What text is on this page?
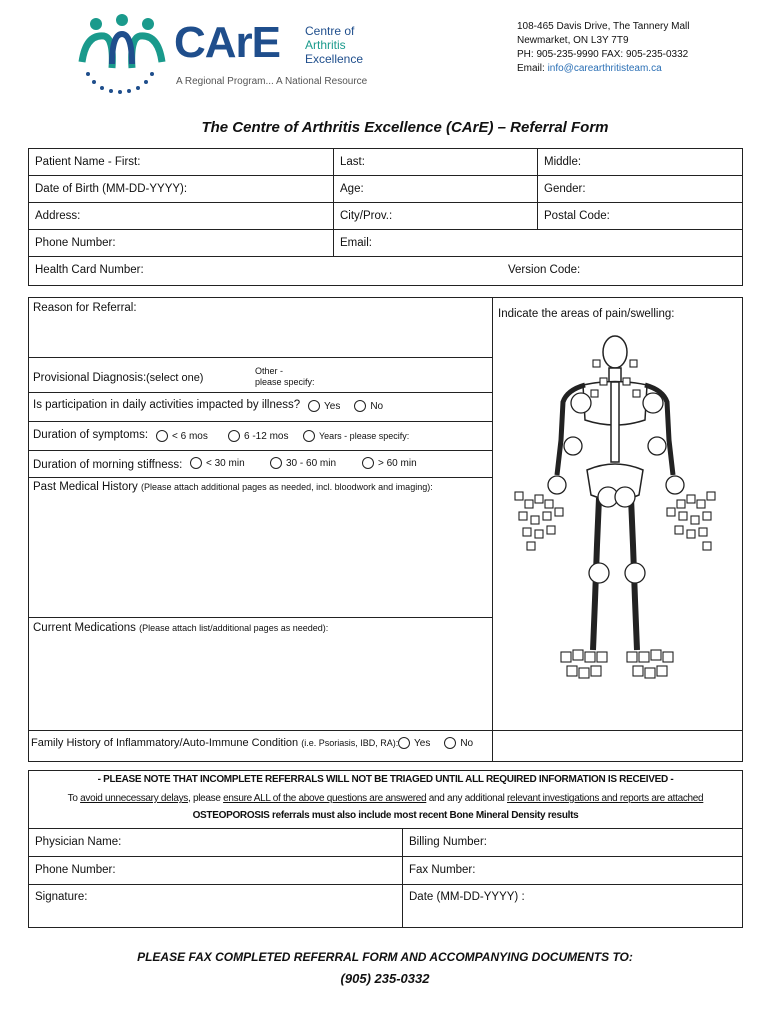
CArE Centre of
Arthritis
Excellence
A Regional Program... A National Resource
108-465 Davis Drive, The Tannery Mall
Newmarket, ON L3Y 7T9
PH: 905-235-9990 FAX: 905-235-0332
Email: info@carearthritisteam.ca
The Centre of Arthritis Excellence (CArE) – Referral Form
Patient Name - First:	Last:	Middle:
Date of Birth (MM-DD-YYYY):	Age:	Gender:
Address:	City/Prov.:	Postal Code:
Phone Number:	Email:
Health Card Number:	Version Code:
Reason for Referral:	Indicate the areas of pain/swelling:
Provisional Diagnosis: (select one)
Other -
please specify:
Is participation in daily activities impacted by illness? Yes	No
Duration of symptoms: < 6 mos	6 -12 mos	Years - please specify:
Duration of morning stiffness: < 30 min	30 - 60 min	> 60 min
Past Medical History (Please attach additional pages as needed, incl. bloodwork and imaging):
Current Medications (Please attach list/additional pages as needed):
Family History of Inflammatory/Auto-Immune Condition (i.e. Psoriasis, IBD, RA): Yes	No
- PLEASE NOTE THAT INCOMPLETE REFERRALS WILL NOT BE TRIAGED UNTIL ALL REQUIRED INFORMATION IS RECEIVED -
To avoid unnecessary delays, please ensure ALL of the above questions are answered and any additional relevant investigations and reports are attached
OSTEOPOROSIS referrals must also include most recent Bone Mineral Density results
Physician Name:	Billing Number:
Phone Number:	Fax Number:
Signature:	Date (MM-DD-YYYY) :
PLEASE FAX COMPLETED REFERRAL FORM AND ACCOMPANYING DOCUMENTS TO:
(905) 235-0332
